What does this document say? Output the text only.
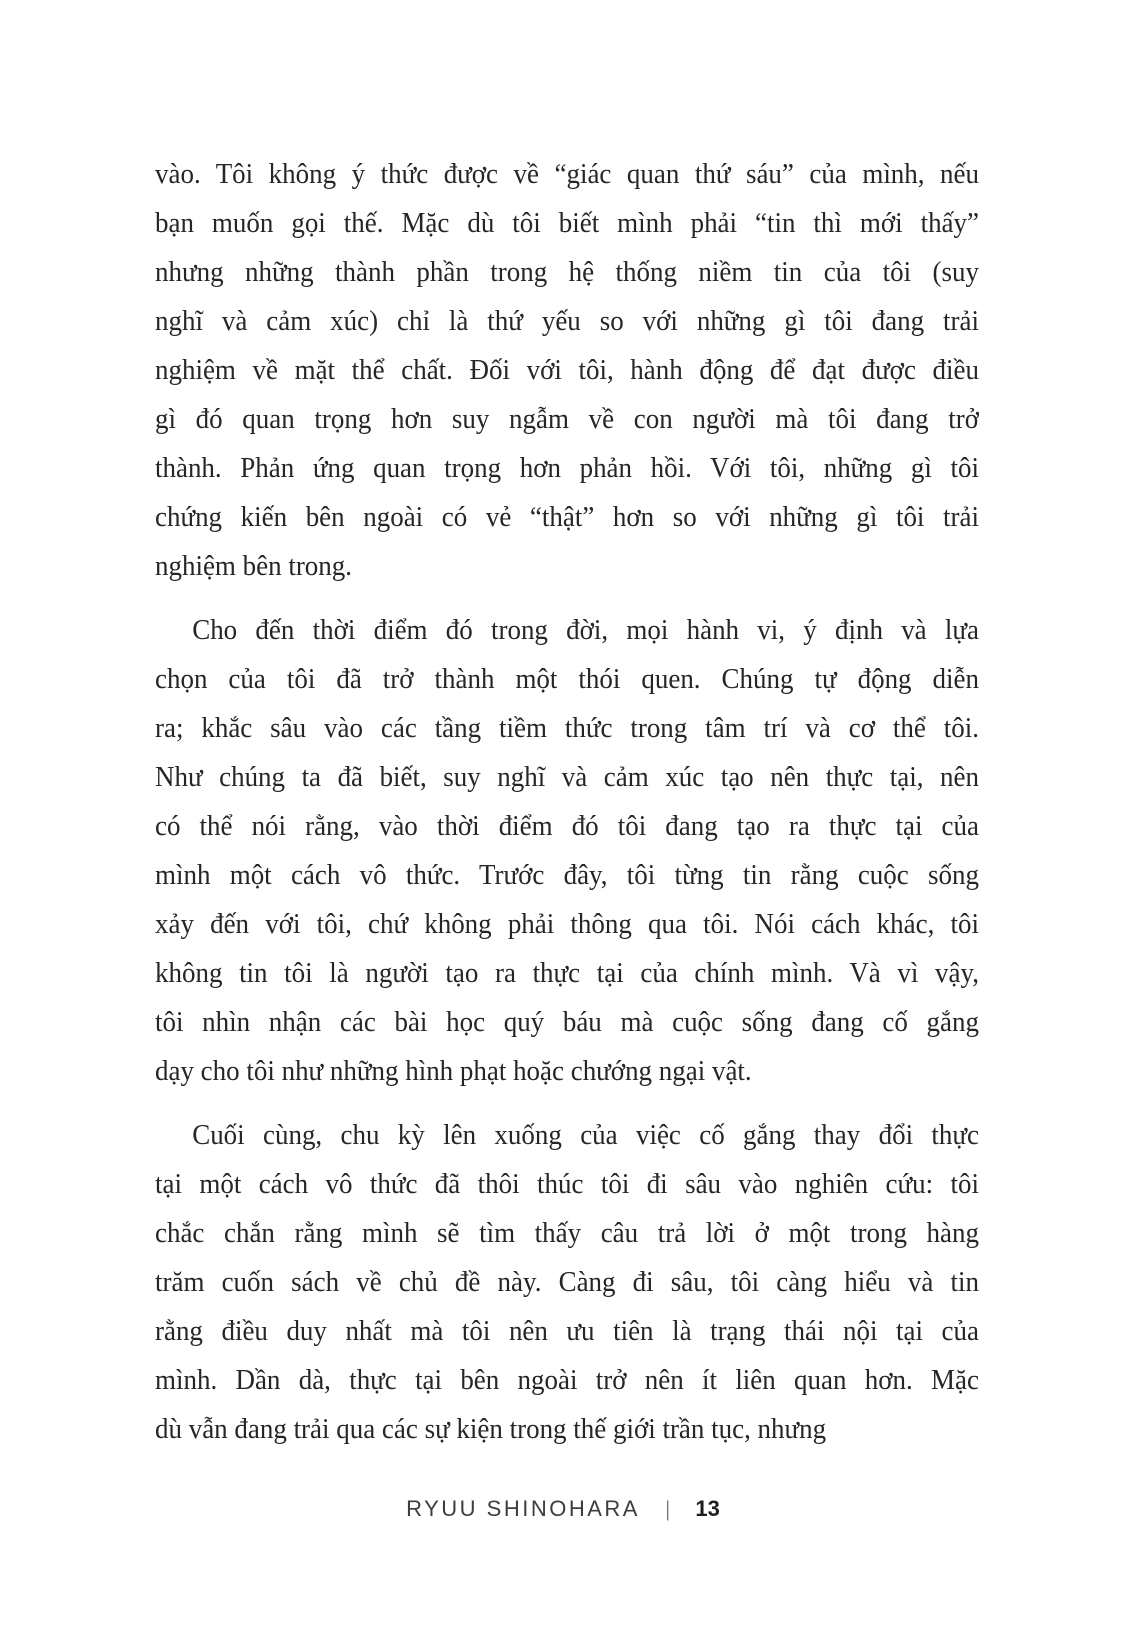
vào. Tôi không ý thức được về “giác quan thứ sáu” của mình, nếu
bạn muốn gọi thế. Mặc dù tôi biết mình phải “tin thì mới thấy”
nhưng những thành phần trong hệ thống niềm tin của tôi (suy
nghĩ và cảm xúc) chỉ là thứ yếu so với những gì tôi đang trải
nghiệm về mặt thể chất. Đối với tôi, hành động để đạt được điều
gì đó quan trọng hơn suy ngẫm về con người mà tôi đang trở
thành. Phản ứng quan trọng hơn phản hồi. Với tôi, những gì tôi
chứng kiến bên ngoài có vẻ “thật” hơn so với những gì tôi trải
nghiệm bên trong.
Cho đến thời điểm đó trong đời, mọi hành vi, ý định và lựa
chọn của tôi đã trở thành một thói quen. Chúng tự động diễn
ra; khắc sâu vào các tầng tiềm thức trong tâm trí và cơ thể tôi.
Như chúng ta đã biết, suy nghĩ và cảm xúc tạo nên thực tại, nên
có thể nói rằng, vào thời điểm đó tôi đang tạo ra thực tại của
mình một cách vô thức. Trước đây, tôi từng tin rằng cuộc sống
xảy đến với tôi, chứ không phải thông qua tôi. Nói cách khác, tôi
không tin tôi là người tạo ra thực tại của chính mình. Và vì vậy,
tôi nhìn nhận các bài học quý báu mà cuộc sống đang cố gắng
dạy cho tôi như những hình phạt hoặc chướng ngại vật.
Cuối cùng, chu kỳ lên xuống của việc cố gắng thay đổi thực
tại một cách vô thức đã thôi thúc tôi đi sâu vào nghiên cứu: tôi
chắc chắn rằng mình sẽ tìm thấy câu trả lời ở một trong hàng
trăm cuốn sách về chủ đề này. Càng đi sâu, tôi càng hiểu và tin
rằng điều duy nhất mà tôi nên ưu tiên là trạng thái nội tại của
mình. Dần dà, thực tại bên ngoài trở nên ít liên quan hơn. Mặc
dù vẫn đang trải qua các sự kiện trong thế giới trần tục, nhưng
RYUU SHINOHARA | 13
